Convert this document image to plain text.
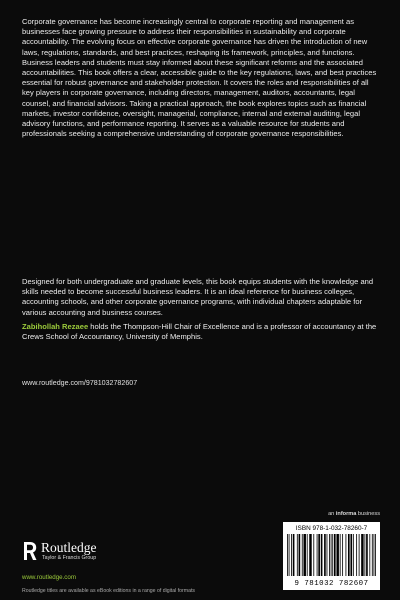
Corporate governance has become increasingly central to corporate reporting and management as businesses face growing pressure to address their responsibilities in sustainability and corporate accountability. The evolving focus on effective corporate governance has driven the introduction of new laws, regulations, standards, and best practices, reshaping its framework, principles, and functions. Business leaders and students must stay informed about these significant reforms and the associated accountabilities. This book offers a clear, accessible guide to the key regulations, laws, and best practices essential for robust governance and stakeholder protection. It covers the roles and responsibilities of all key players in corporate governance, including directors, management, auditors, accountants, legal counsel, and financial advisors. Taking a practical approach, the book explores topics such as financial markets, investor confidence, oversight, managerial, compliance, internal and external auditing, legal advisory functions, and performance reporting. It serves as a valuable resource for students and professionals seeking a comprehensive understanding of corporate governance responsibilities.

Designed for both undergraduate and graduate levels, this book equips students with the knowledge and skills needed to become successful business leaders. It is an ideal reference for business colleges, accounting schools, and other corporate governance programs, with individual chapters adaptable for various accounting and business courses.

Zabihollah Rezaee holds the Thompson-Hill Chair of Excellence and is a professor of accountancy at the Crews School of Accountancy, University of Memphis.

www.routledge.com/9781032782607
an informa business
ISBN 978-1-032-78260-7
9 781032 782607
Routledge
Taylor & Francis Group
www.routledge.com
Routledge titles are available as eBook editions in a range of digital formats
